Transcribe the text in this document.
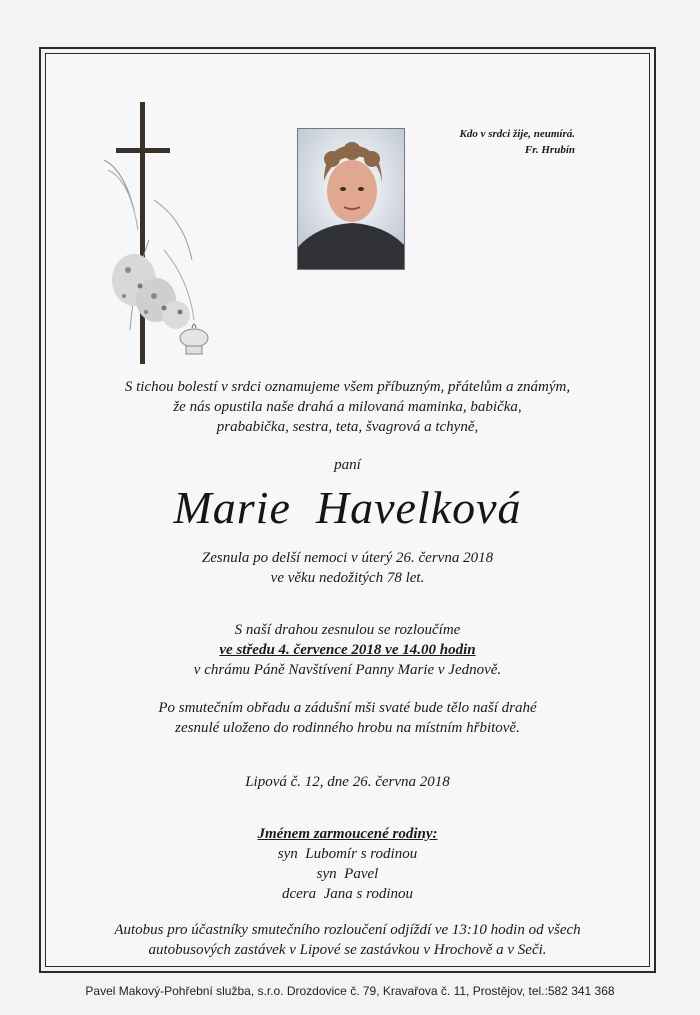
Kdo v srdci žije, neumírá.
Fr. Hrubín
S tichou bolestí v srdci oznamujeme všem příbuzným, přátelům a známým,
že nás opustila naše drahá a milovaná maminka, babička,
prababička, sestra, teta, švagrová a tchyně,
paní
Marie  Havelková
Zesnula po delší nemoci v úterý 26. června 2018
ve věku nedožitých 78 let.
S naší drahou zesnulou se rozloučíme
ve středu 4. července 2018 ve 14.00 hodin
v chrámu Páně Navštívení Panny Marie v Jednově.
Po smutečním obřadu a zádušní mši svaté bude tělo naší drahé
zesnulé uloženo do rodinného hrobu na místním hřbitově.
Lipová č. 12, dne 26. června 2018
Jménem zarmoucené rodiny:
syn  Lubomír s rodinou
syn  Pavel
dcera  Jana s rodinou
Autobus pro účastníky smutečního rozloučení odjíždí ve 13:10 hodin od všech
autobusových zastávek v Lipové se zastávkou v Hrochově a v Seči.
Pavel Makový-Pohřební služba, s.r.o. Drozdovice č. 79, Kravařova č. 11, Prostějov, tel.:582 341 368
